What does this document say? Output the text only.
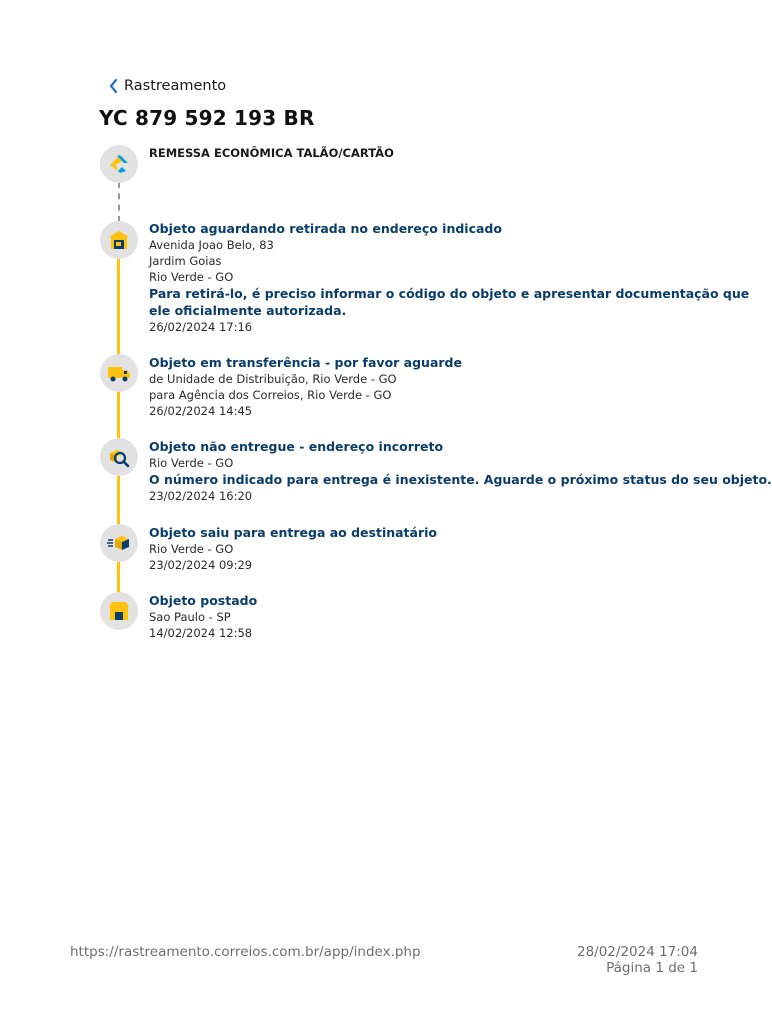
Rastreamento
YC 879 592 193 BR
REMESSA ECONÔMICA TALÃO/CARTÃO
Objeto aguardando retirada no endereço indicado
Avenida Joao Belo, 83
Jardim Goias
Rio Verde - GO
Para retirá-lo, é preciso informar o código do objeto e apresentar documentação que
ele oficialmente autorizada.
26/02/2024 17:16
Objeto em transferência - por favor aguarde
de Unidade de Distribuição, Rio Verde - GO
para Agência dos Correios, Rio Verde - GO
26/02/2024 14:45
Objeto não entregue - endereço incorreto
Rio Verde - GO
O número indicado para entrega é inexistente. Aguarde o próximo status do seu objeto.
23/02/2024 16:20
Objeto saiu para entrega ao destinatário
Rio Verde - GO
23/02/2024 09:29
Objeto postado
Sao Paulo - SP
14/02/2024 12:58
https://rastreamento.correios.com.br/app/index.php	28/02/2024 17:04
Página 1 de 1
